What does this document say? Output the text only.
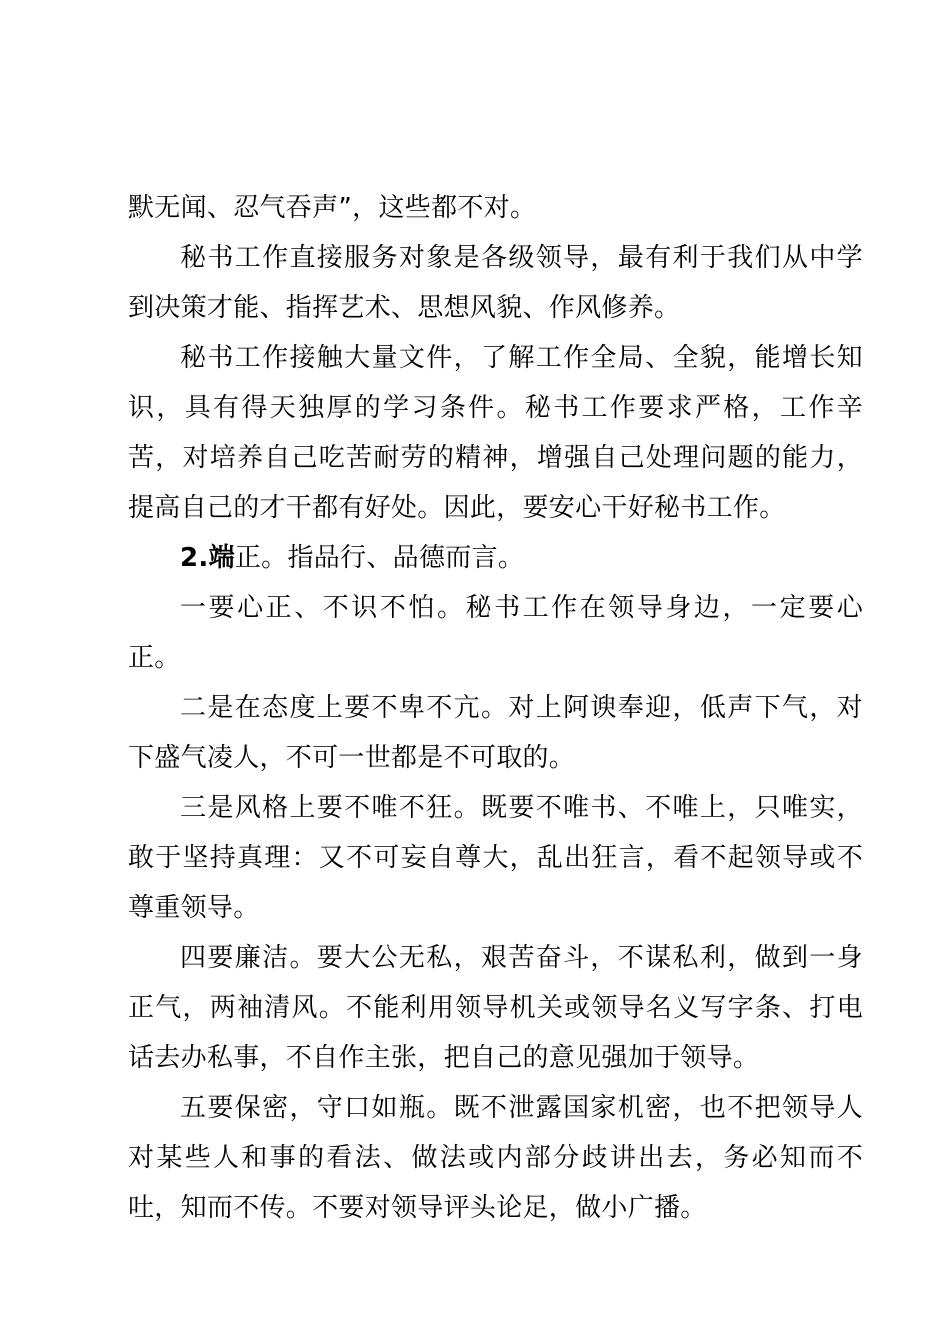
默无闻、忍气吞声”，这些都不对。

秘书工作直接服务对象是各级领导，最有利于我们从中学到决策才能、指挥艺术、思想风貌、作风修养。

秘书工作接触大量文件，了解工作全局、全貌，能增长知识，具有得天独厚的学习条件。秘书工作要求严格，工作辛苦，对培养自己吃苦耐劳的精神，增强自己处理问题的能力，提高自己的才干都有好处。因此，要安心干好秘书工作。

2.端正。指品行、品德而言。

一要心正、不识不怕。秘书工作在领导身边，一定要心正。

二是在态度上要不卑不亢。对上阿谀奉迎，低声下气，对下盛气凌人，不可一世都是不可取的。

三是风格上要不唯不狂。既要不唯书、不唯上，只唯实，敢于坚持真理：又不可妄自尊大，乱出狂言，看不起领导或不尊重领导。

四要廉洁。要大公无私，艰苦奋斗，不谋私利，做到一身正气，两袖清风。不能利用领导机关或领导名义写字条、打电话去办私事，不自作主张，把自己的意见强加于领导。

五要保密，守口如瓶。既不泄露国家机密，也不把领导人对某些人和事的看法、做法或内部分歧讲出去，务必知而不吐，知而不传。不要对领导评头论足，做小广播。
